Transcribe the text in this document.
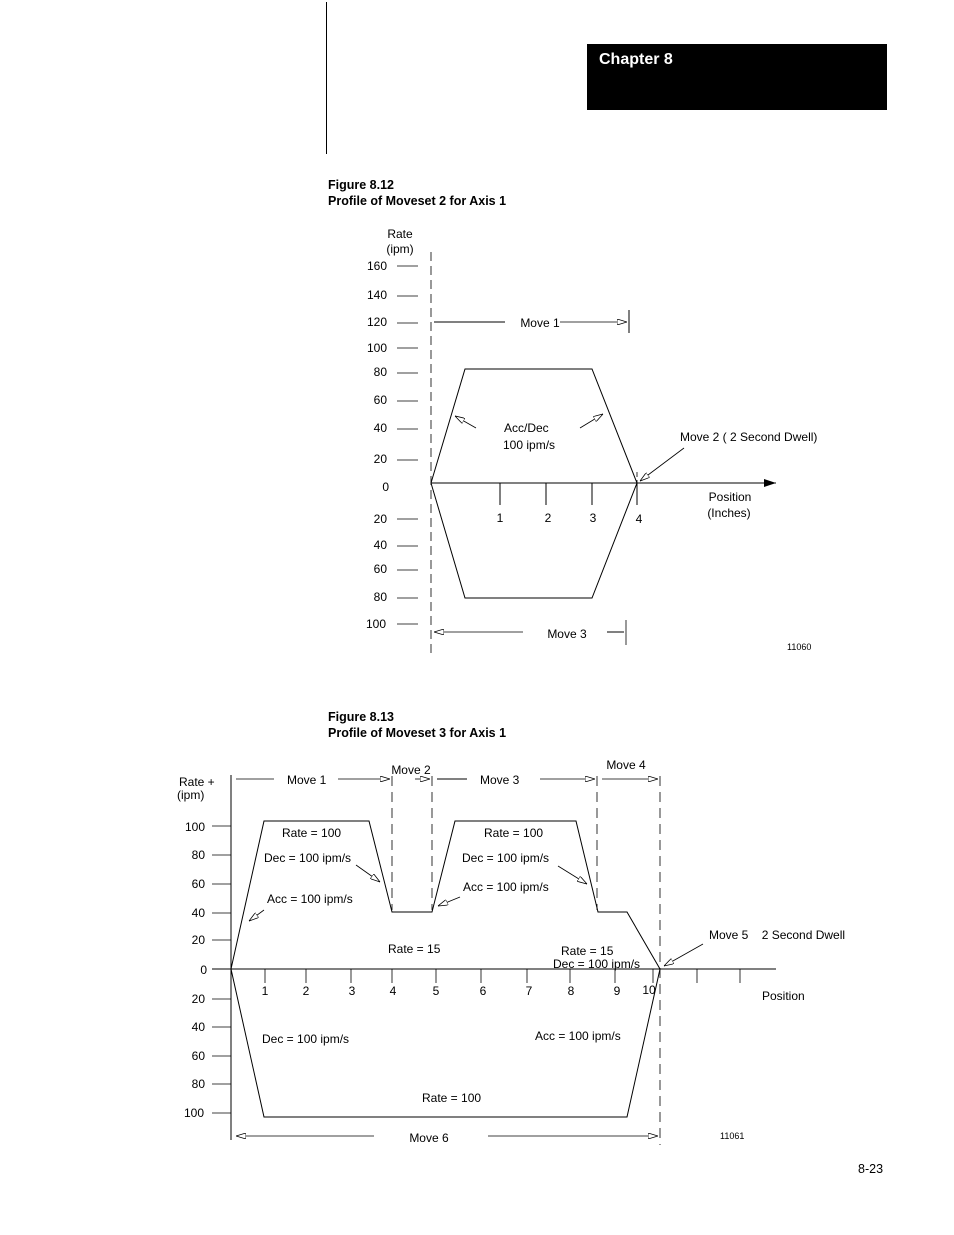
Chapter 8
Figure 8.12
Profile of Moveset 2 for Axis 1
Figure 8.13
Profile of Moveset 3 for Axis 1
Rate
(ipm)
160
140
120
100
80
60
40
20
0
20
40
60
80
100
1	2	3	4
Position
(Inches)
Move 1
Acc/Dec
100 ipm/s
Move 2 ( 2 Second Dwell)
Move 3
11060
Rate +
(ipm)
100
80
60
40
20
0
20
40
60
80
100
1	2	3	4	5	6	7	8	9 10	Position
Move 1
Move 2
Move 3
Move 4
Rate = 100
Dec = 100 ipm/s
Acc = 100 ipm/s
Rate = 100
Dec = 100 ipm/s
Acc = 100 ipm/s
Rate = 15	Rate = 15
Dec = 100 ipm/s
Move 5    2 Second Dwell
Dec = 100 ipm/s	Acc = 100 ipm/s
Rate = 100
Move 6	11061
8-23
